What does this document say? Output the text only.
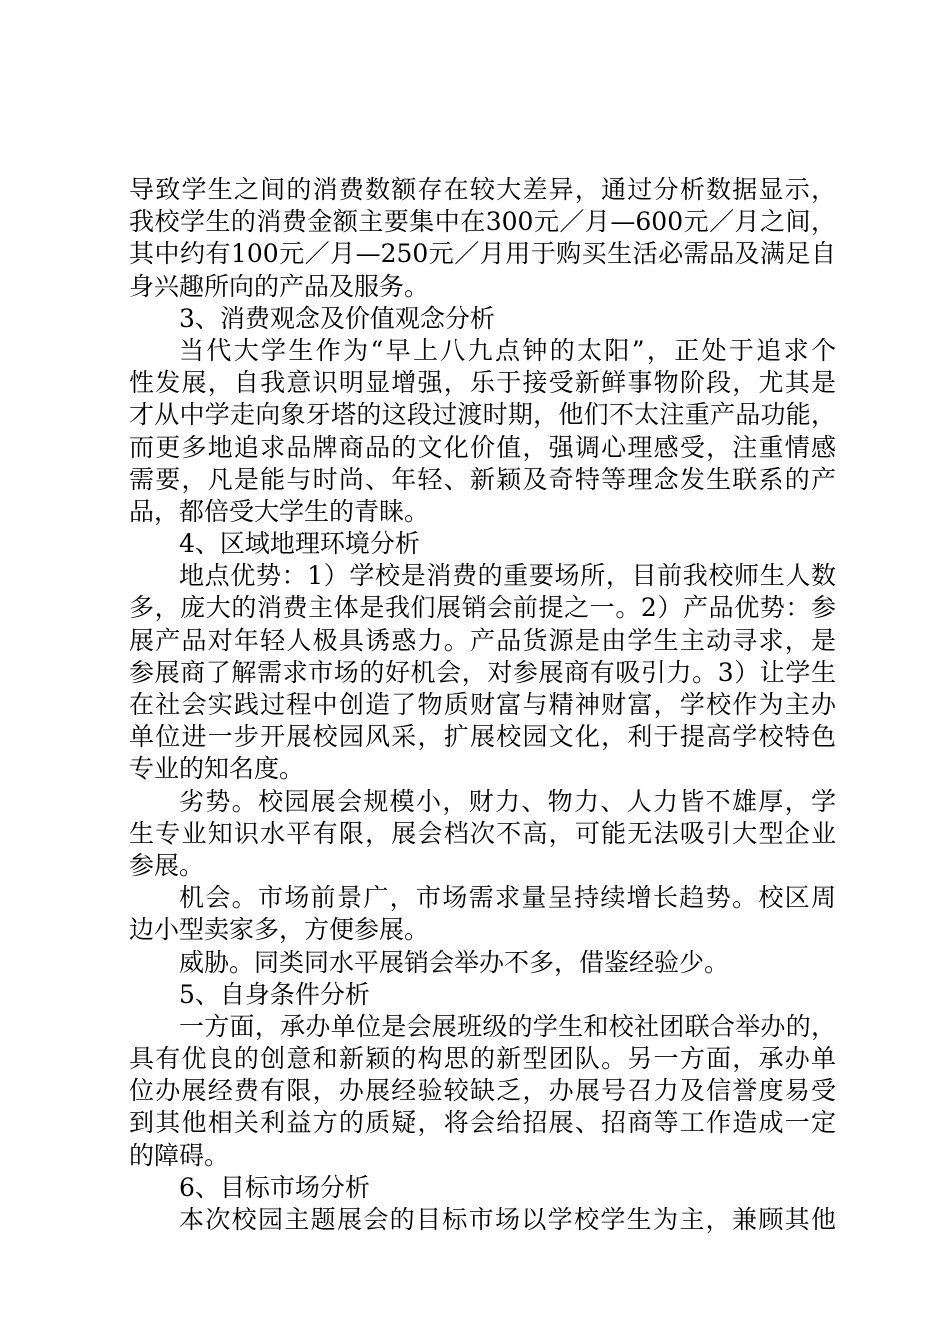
导致学生之间的消费数额存在较大差异，通过分析数据显示，
我校学生的消费金额主要集中在300元／月—600元／月之间，
其中约有100元／月—250元／月用于购买生活必需品及满足自
身兴趣所向的产品及服务。
3、消费观念及价值观念分析
当代大学生作为“早上八九点钟的太阳”，正处于追求个
性发展，自我意识明显增强，乐于接受新鲜事物阶段，尤其是
才从中学走向象牙塔的这段过渡时期，他们不太注重产品功能，
而更多地追求品牌商品的文化价值，强调心理感受，注重情感
需要，凡是能与时尚、年轻、新颖及奇特等理念发生联系的产
品，都倍受大学生的青睐。
4、区域地理环境分析
地点优势：1）学校是消费的重要场所，目前我校师生人数
多，庞大的消费主体是我们展销会前提之一。2）产品优势：参
展产品对年轻人极具诱惑力。产品货源是由学生主动寻求，是
参展商了解需求市场的好机会，对参展商有吸引力。3）让学生
在社会实践过程中创造了物质财富与精神财富，学校作为主办
单位进一步开展校园风采，扩展校园文化，利于提高学校特色
专业的知名度。
劣势。校园展会规模小，财力、物力、人力皆不雄厚，学
生专业知识水平有限，展会档次不高，可能无法吸引大型企业
参展。
机会。市场前景广，市场需求量呈持续增长趋势。校区周
边小型卖家多，方便参展。
威胁。同类同水平展销会举办不多，借鉴经验少。
5、自身条件分析
一方面，承办单位是会展班级的学生和校社团联合举办的，
具有优良的创意和新颖的构思的新型团队。另一方面，承办单
位办展经费有限，办展经验较缺乏，办展号召力及信誉度易受
到其他相关利益方的质疑，将会给招展、招商等工作造成一定
的障碍。
6、目标市场分析
本次校园主题展会的目标市场以学校学生为主，兼顾其他
